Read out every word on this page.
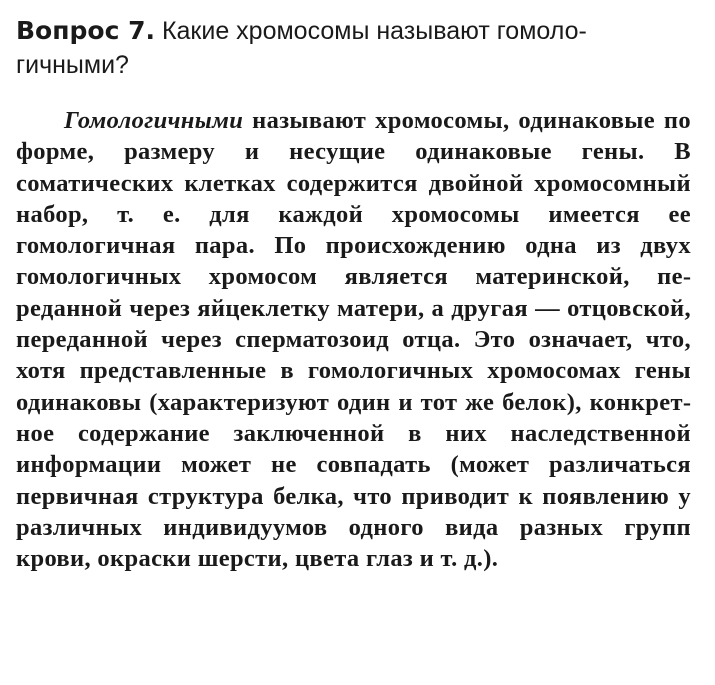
Вопрос 7. Какие хромосомы называют гомологичными?

Гомологичными называют хромосомы, одинаковые по форме, размеру и несущие одинаковые гены. В соматических клетках содержится двойной хромосомный набор, т. е. для каждой хромосомы имеется ее гомологичная пара. По происхождению одна из двух гомологичных хромосом является материнской, переданной через яйцеклетку матери, а другая — отцовской, переданной через сперматозоид отца. Это означает, что, хотя представленные в гомологичных хромосомах гены одинаковы (характеризуют один и тот же белок), конкретное содержание заключенной в них наследственной информации может не совпадать (может различаться первичная структура белка, что приводит к появлению у различных индивидуумов одного вида разных групп крови, окраски шерсти, цвета глаз и т. д.).
